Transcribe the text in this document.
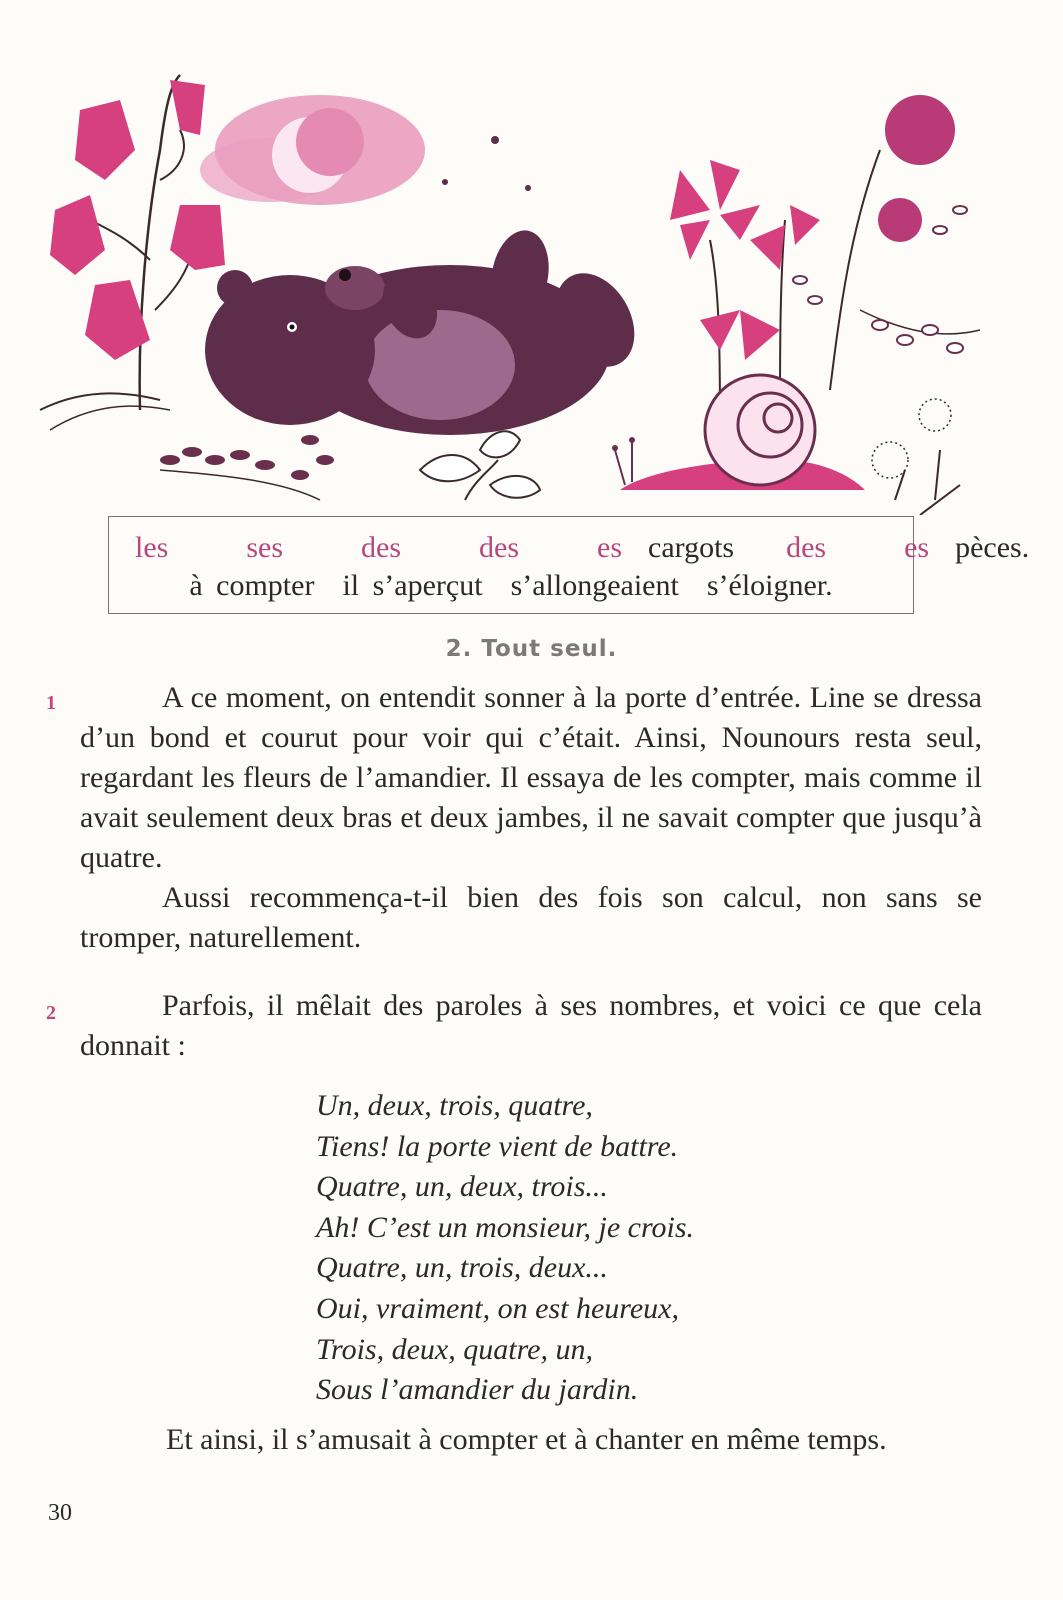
les	ses	des	des	es cargots des	es pèces.
à compter il s’aperçut s’allongeaient s’éloigner.
2. Tout seul.
1	A ce moment, on entendit sonner à la porte d’entrée. Line se dressa d’un bond et courut pour voir qui c’était. Ainsi, Nounours resta seul, regardant les fleurs de l’amandier. Il essaya de les compter, mais comme il avait seulement deux bras et deux jambes, il ne savait compter que jusqu’à quatre.

Aussi recommença-t-il bien des fois son calcul, non sans se tromper, naturellement.

2	Parfois, il mêlait des paroles à ses nombres, et voici ce que cela donnait :

Un, deux, trois, quatre,
Tiens! la porte vient de battre.
Quatre, un, deux, trois...
Ah! C’est un monsieur, je crois.
Quatre, un, trois, deux...
Oui, vraiment, on est heureux,
Trois, deux, quatre, un,
Sous l’amandier du jardin.
Et ainsi, il s’amusait à compter et à chanter en même temps.
30
